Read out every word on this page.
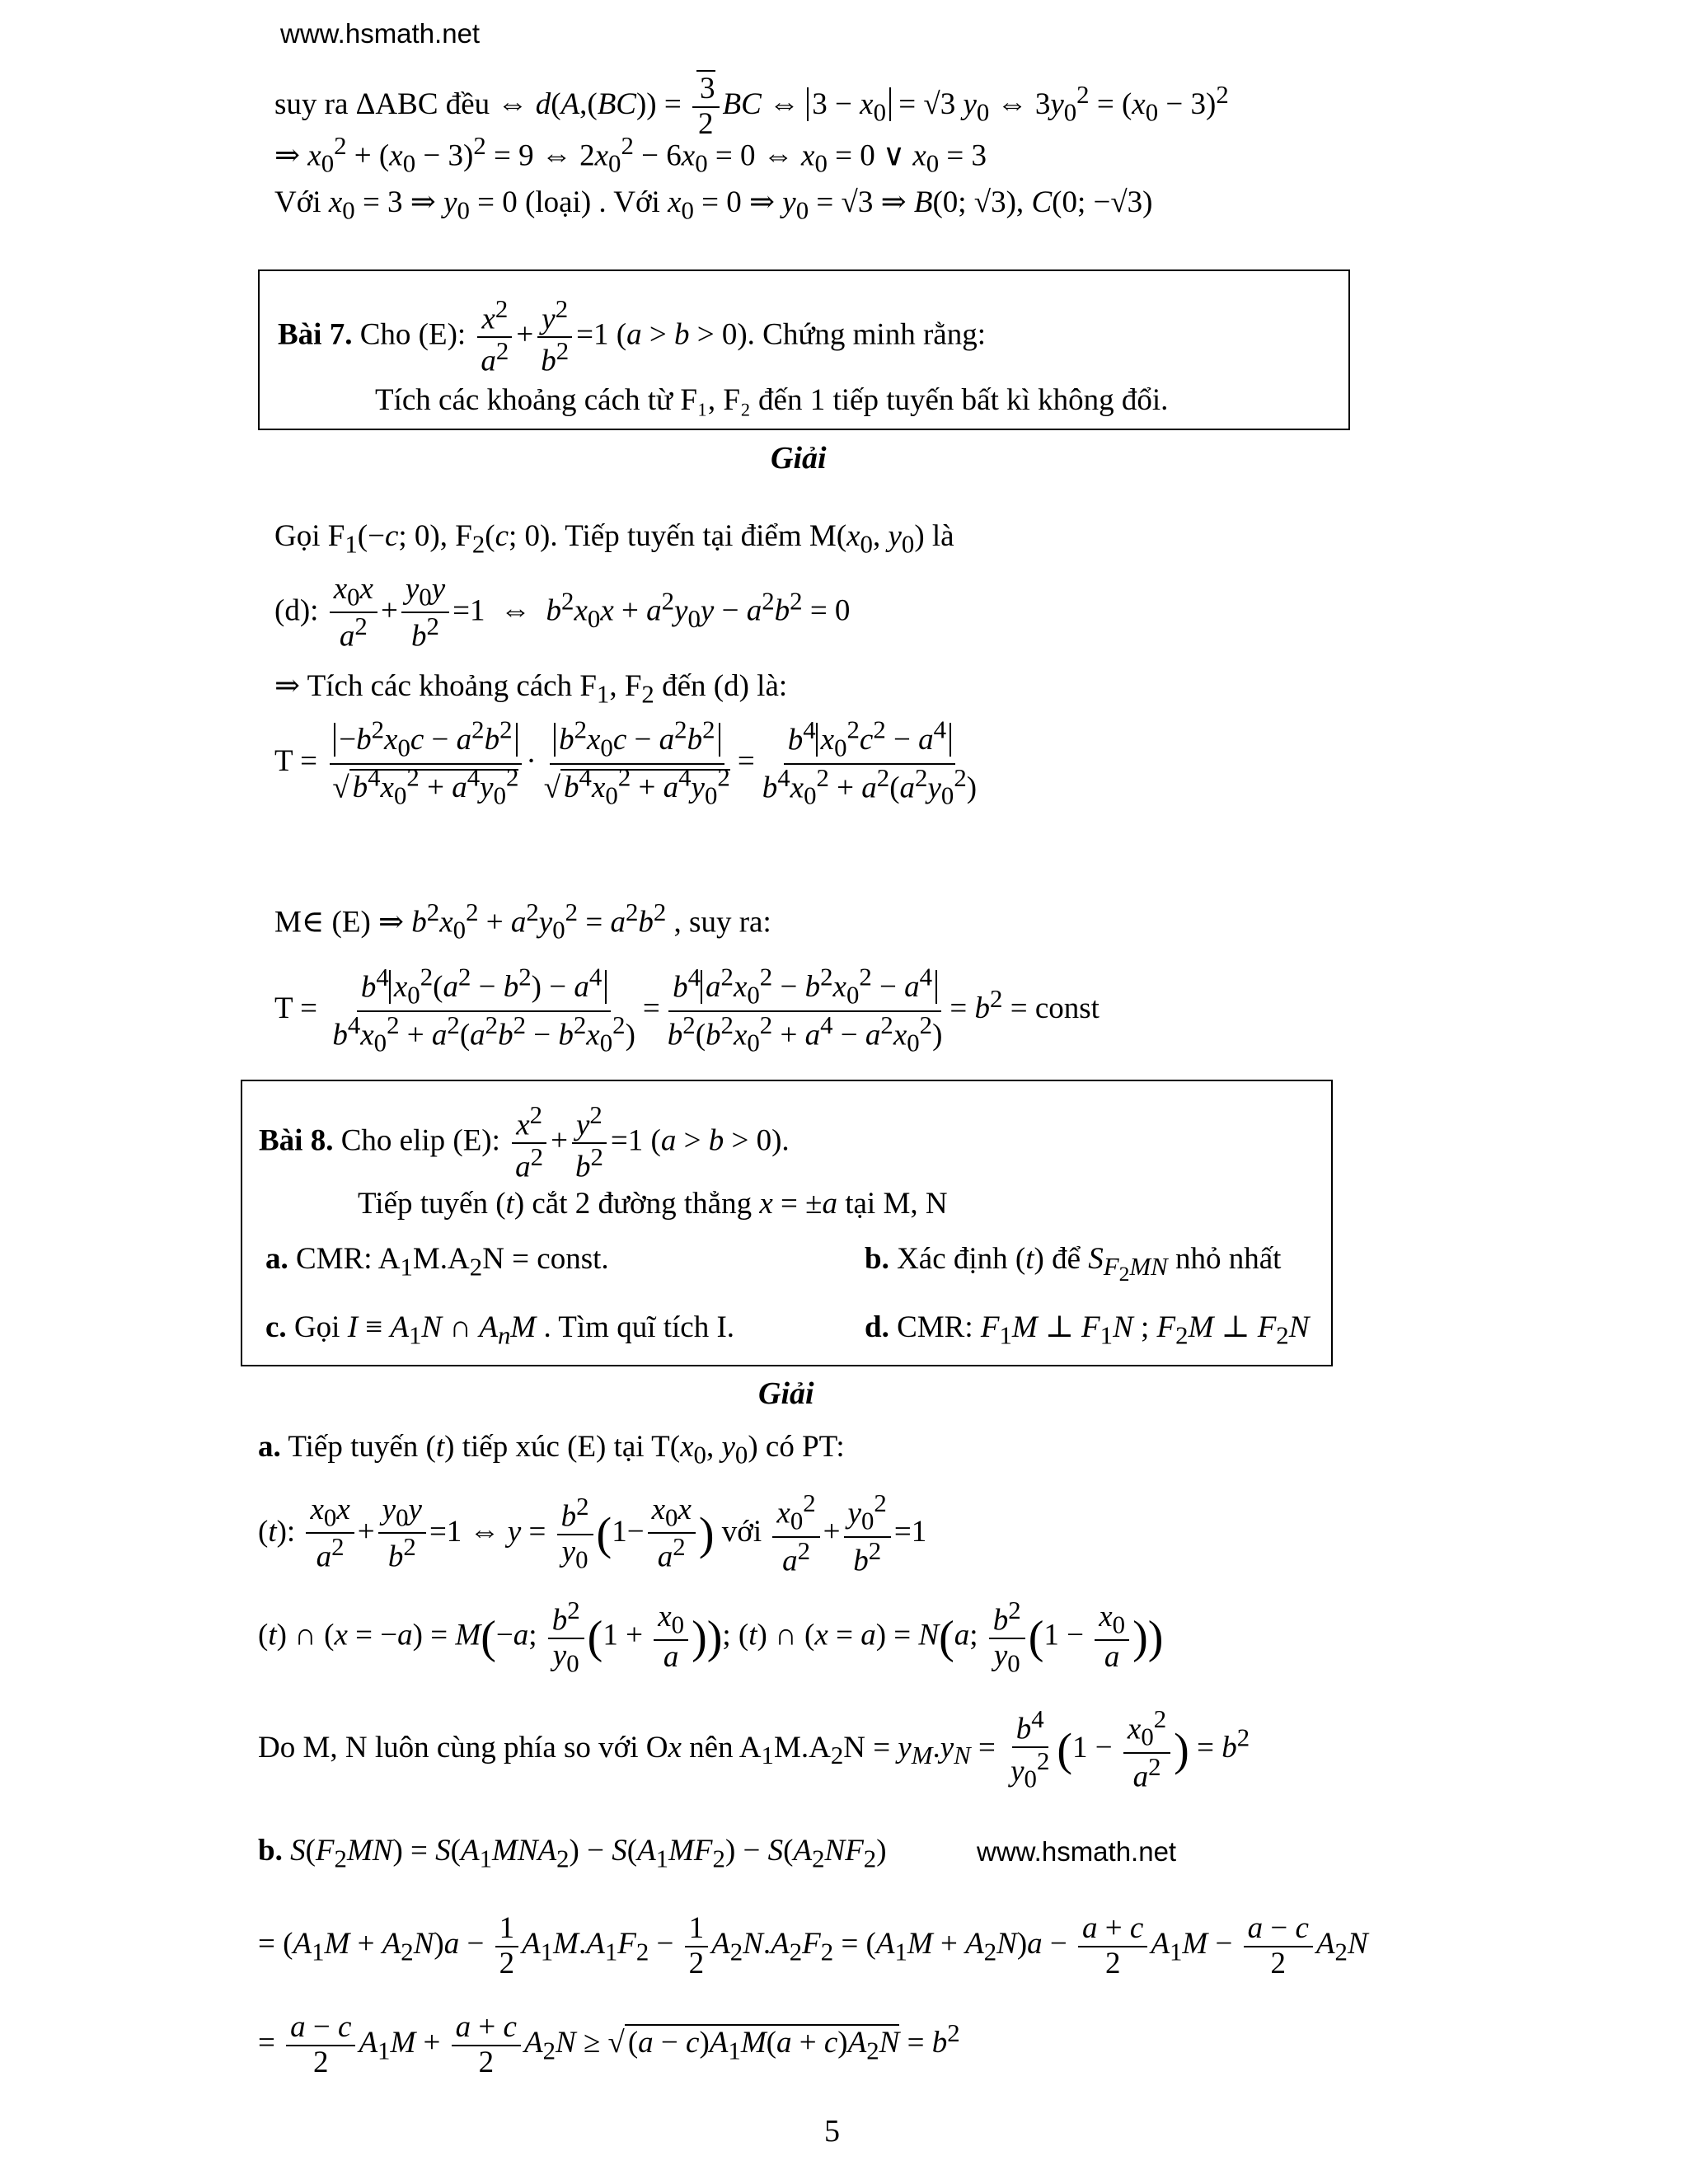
www.hsmath.net
suy ra ΔABC đều ⇔ $d(A,(BC)) = \frac{3}{2}$ BC ⇔ $3 - x_0 = √3$ $y_0$ ⇔ $3y_0^2 = (x_0 - 3)^2$
⇒ $x_0^2 + (x_0 - 3)^2 = 9$ ⇔ $2x_0^2 - 6x_0 = 0$ ⇔ $x_0 = 0$ ∨ $x_0 = 3$
Với $x_0 = 3$ ⇒ $y_0 = 0$ (loại) . Với $x_0 = 0$ ⇒ $y_0 = √3$ ⇒ B(0; √3), C(0; −√3)
Bài 7. Cho (E): $\frac{x^2}{a^2} + \frac{y^2}{b^2} =1$ (a > b > 0). Chứng minh rằng:
Tích các khoảng cách từ F₁, F₂ đến 1 tiếp tuyến bất kì không đổi.
Giải
Gọi $F_1(-c$; 0), $F_2(c$; 0). Tiếp tuyến tại điểm $M(x_0$, $y_0$) là
(d): $\frac{x_0x}{a^2} + \frac{y_0y}{b^2} =1$  ⇔  $b^2x_0x + a^2y_0y - a^2b^2 = 0$
⇒ Tích các khoảng cách $F_1$, $F_2$ đến (d) là:
$T = \frac{-b^2x_0c - a^2b^2}{√ b^4x_0^2 + a^4y_0^2} \cdot \frac{b^2x_0c - a^2b^2}{√ b^4x_0^2 + a^4y_0^2} = \frac{b^4 x_0^2c^2 - a^4}{b^4x_0^2 + a^2(a^2y_0^2)}$
M∈ (E) ⇒ $b^2x_0^2 + a^2y_0^2 = a^2b^2$ , suy ra:
$T = \frac{b^4 x_0^2(a^2 - b^2) - a^4}{b^4x_0^2 + a^2(a^2b^2 - b^2x_0^2)} = \frac{b^4 a^2x_0^2 - b^2x_0^2 - a^4}{b^2(b^2x_0^2 + a^4 - a^2x_0^2)} = b^2$ = const
Bài 8. Cho elip (E): $\frac{x^2}{a^2} + \frac{y^2}{b^2} =1$ (a > b > 0).
Tiếp tuyến (t) cắt 2 đường thẳng x = ±a tại M, N
a. CMR: $A_1M.A_2N$ = const.	b. Xác định (t) để $S_{F_2MN}$ nhỏ nhất
c. Gọi $I \equiv A_1N$ ∩ $A_nM$ . Tìm quĩ tích I.	d. CMR: $F_1M$ ⊥ $F_1N$ ; $F_2M$ ⊥ $F_2N$
Giải
a. Tiếp tuyến (t) tiếp xúc (E) tại $T(x_0$, $y_0$) có PT:
(t): $\frac{x_0x}{a^2} + \frac{y_0y}{b^2} =1$ ⇔ $y = \frac{b^2}{y_0} (1- \frac{x_0x}{a^2}$ ) với $\frac{x_0^2}{a^2} + \frac{y_0^2}{b^2} =1$
(t) ∩ (x = −a) = M(−a; $\frac{b^2}{y_0} (1 + \frac{x_0}{a}$ )); (t) ∩ (x = a) = N(a; $\frac{b^2}{y_0} (1 - \frac{x_0}{a}$ ))
Do M, N luôn cùng phía so với Ox nên $A_1M.A_2N = y_M.y_N = \frac{b^4}{y_0^2} (1 - \frac{x_0^2}{a^2}$ ) = $b^2$
b. $S(F_2MN) = S(A_1MNA_2) - S(A_1MF_2) - S(A_2NF_2)$	www.hsmath.net
= $(A_1M + A_2N)a - \frac{1}{2} A_1M.A_1F_2 - \frac{1}{2} A_2N.A_2F_2 = (A_1M + A_2N)a - \frac{a + c}{2} A_1M - \frac{a - c}{2} A_2N$
= $\frac{a - c}{2} A_1M + \frac{a + c}{2} A_2N$ ≥ √ $(a - c)A_1M(a + c)A_2N = b^2$
5
